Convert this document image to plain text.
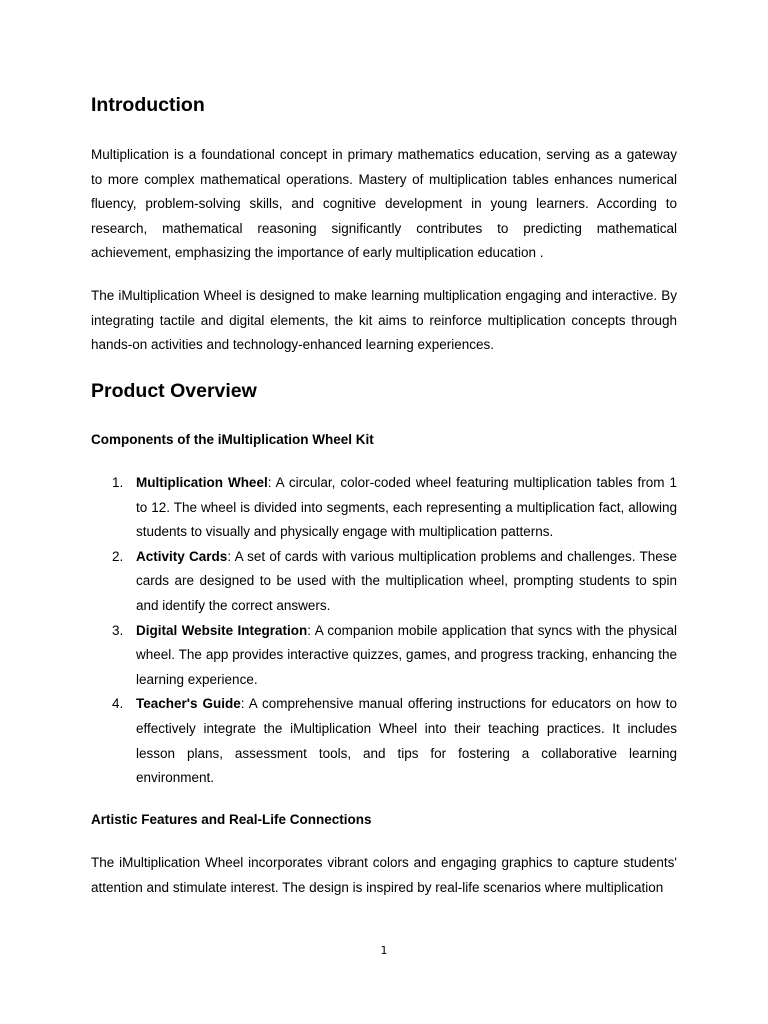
Introduction

Multiplication is a foundational concept in primary mathematics education, serving as a gateway to more complex mathematical operations. Mastery of multiplication tables enhances numerical fluency, problem-solving skills, and cognitive development in young learners. According to research, mathematical reasoning significantly contributes to predicting mathematical achievement, emphasizing the importance of early multiplication education .

The iMultiplication Wheel is designed to make learning multiplication engaging and interactive. By integrating tactile and digital elements, the kit aims to reinforce multiplication concepts through hands-on activities and technology-enhanced learning experiences.

Product Overview
Components of the iMultiplication Wheel Kit
1. Multiplication Wheel: A circular, color-coded wheel featuring multiplication tables from 1 to 12. The wheel is divided into segments, each representing a multiplication fact, allowing students to visually and physically engage with multiplication patterns.
2. Activity Cards: A set of cards with various multiplication problems and challenges. These cards are designed to be used with the multiplication wheel, prompting students to spin and identify the correct answers.
3. Digital Website Integration: A companion mobile application that syncs with the physical wheel. The app provides interactive quizzes, games, and progress tracking, enhancing the learning experience.
4. Teacher's Guide: A comprehensive manual offering instructions for educators on how to effectively integrate the iMultiplication Wheel into their teaching practices. It includes lesson plans, assessment tools, and tips for fostering a collaborative learning environment.
Artistic Features and Real-Life Connections

The iMultiplication Wheel incorporates vibrant colors and engaging graphics to capture students' attention and stimulate interest. The design is inspired by real-life scenarios where multiplication

1
